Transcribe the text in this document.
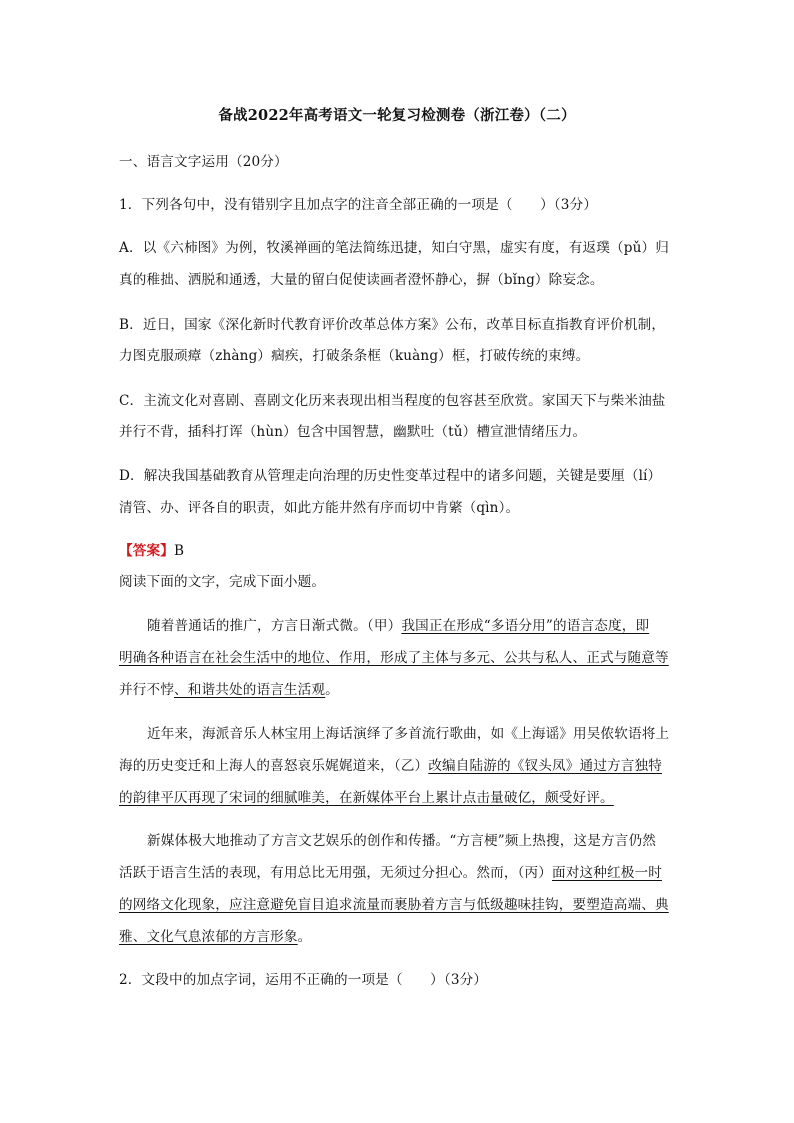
备战2022年高考语文一轮复习检测卷（浙江卷）（二）
一、语言文字运用（20分）
1．下列各句中，没有错别字且加点字的注音全部正确的一项是（　　）（3分）
A．以《六柿图》为例，牧溪禅画的笔法简练迅捷，知白守黑，虚实有度，有返璞（pǔ）归
真的稚拙、洒脱和通透，大量的留白促使读画者澄怀静心，摒（bǐng）除妄念。
B．近日，国家《深化新时代教育评价改革总体方案》公布，改革目标直指教育评价机制，
力图克服顽瘴（zhàng）痼疾，打破条条框（kuàng）框，打破传统的束缚。
C．主流文化对喜剧、喜剧文化历来表现出相当程度的包容甚至欣赏。家国天下与柴米油盐
并行不背，插科打诨（hùn）包含中国智慧，幽默吐（tǔ）槽宣泄情绪压力。
D．解决我国基础教育从管理走向治理的历史性变革过程中的诸多问题，关键是要厘（lí）
清管、办、评各自的职责，如此方能井然有序而切中肯綮（qìn）。
【答案】B
阅读下面的文字，完成下面小题。
随着普通话的推广，方言日渐式微。（甲）我国正在形成“多语分用”的语言态度，即
明确各种语言在社会生活中的地位、作用，形成了主体与多元、公共与私人、正式与随意等
并行不悖、和谐共处的语言生活观。
近年来，海派音乐人林宝用上海话演绎了多首流行歌曲，如《上海谣》用吴侬软语将上
海的历史变迁和上海人的喜怒哀乐娓娓道来，（乙）改编自陆游的《钗头凤》通过方言独特
的韵律平仄再现了宋词的细腻唯美，在新媒体平台上累计点击量破亿，颇受好评。
新媒体极大地推动了方言文艺娱乐的创作和传播。“方言梗”频上热搜，这是方言仍然
活跃于语言生活的表现，有用总比无用强，无须过分担心。然而，（丙）面对这种红极一时
的网络文化现象，应注意避免盲目追求流量而裹胁着方言与低级趣味挂钩，要塑造高端、典
雅、文化气息浓郁的方言形象。
2．文段中的加点字词，运用不正确的一项是（　　）（3分）
